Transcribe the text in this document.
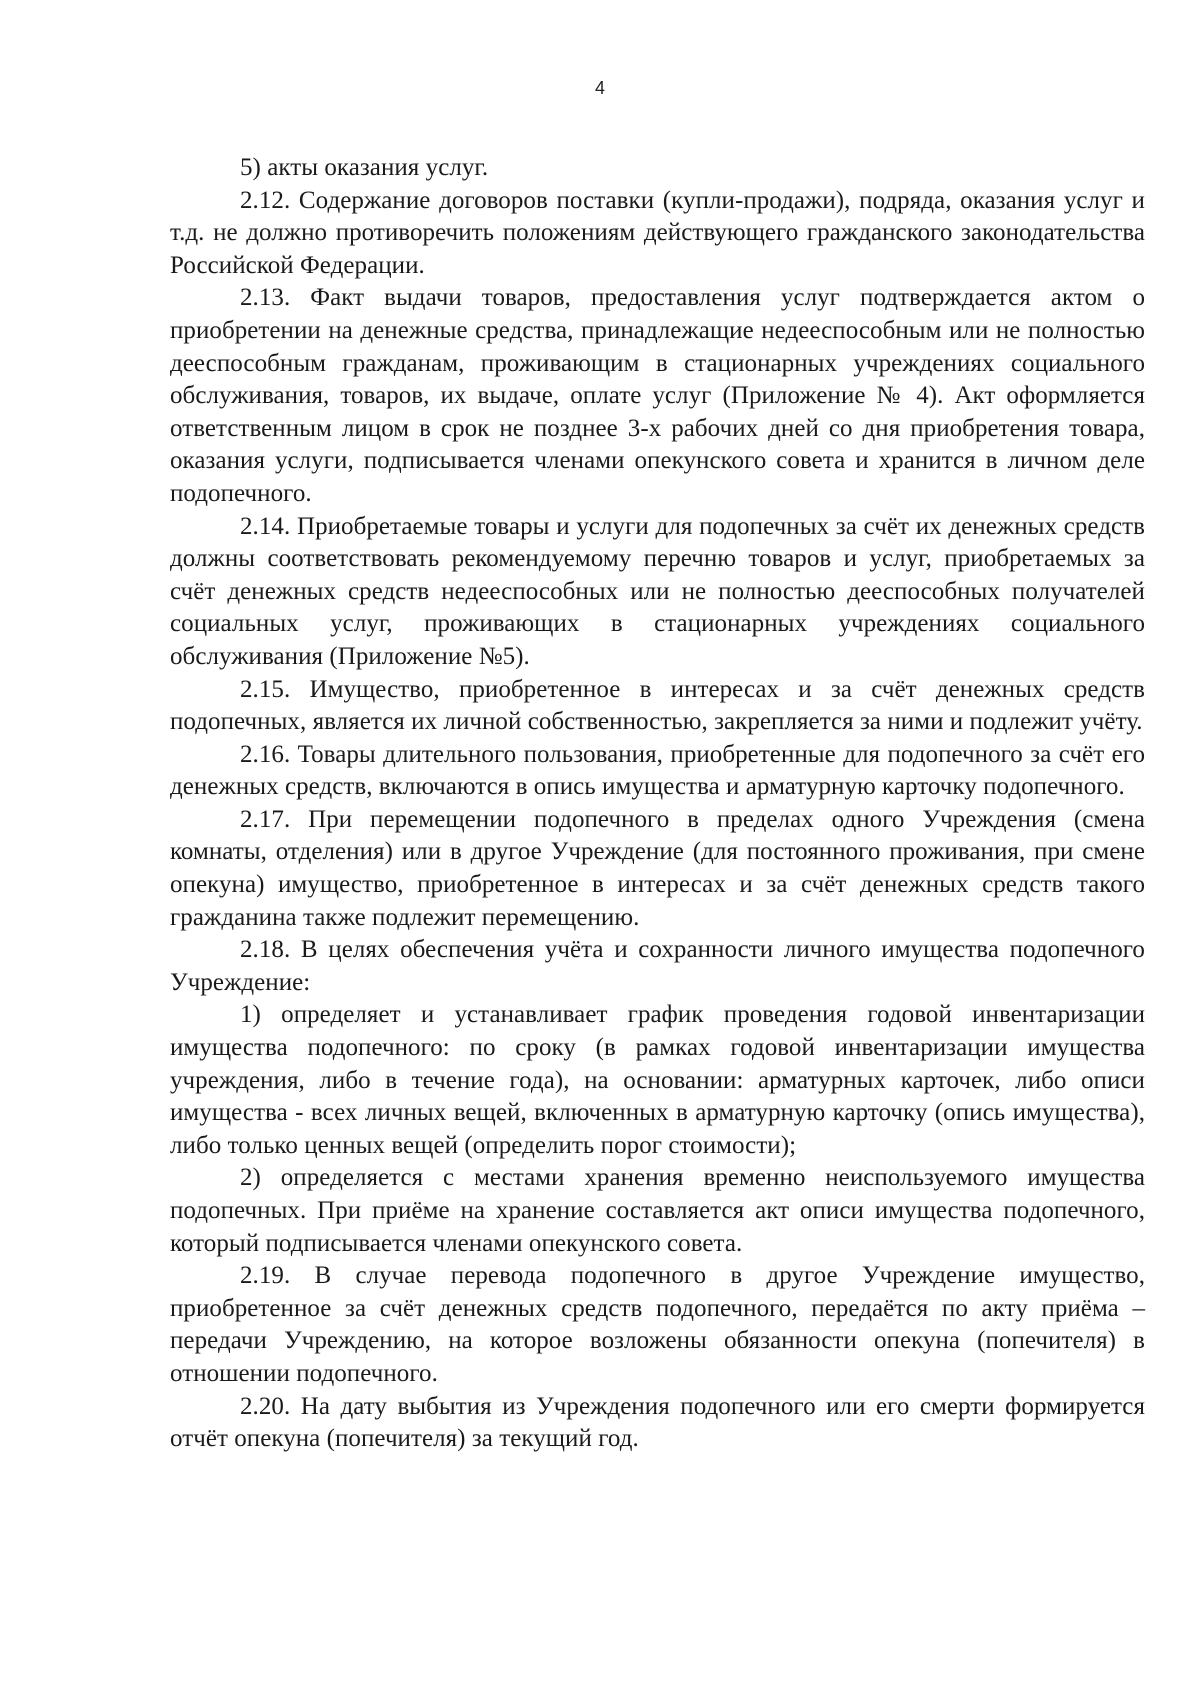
4

5) акты оказания услуг.

2.12. Содержание договоров поставки (купли-продажи), подряда, оказания услуг и т.д. не должно противоречить положениям действующего гражданского законодательства Российской Федерации.

2.13. Факт выдачи товаров, предоставления услуг подтверждается актом о приобретении на денежные средства, принадлежащие недееспособным или не полностью дееспособным гражданам, проживающим в стационарных учреждениях социального обслуживания, товаров, их выдаче, оплате услуг (Приложение № 4). Акт оформляется ответственным лицом в срок не позднее 3-х рабочих дней со дня приобретения товара, оказания услуги, подписывается членами опекунского совета и хранится в личном деле подопечного.

2.14. Приобретаемые товары и услуги для подопечных за счёт их денежных средств должны соответствовать рекомендуемому перечню товаров и услуг, приобретаемых за счёт денежных средств недееспособных или не полностью дееспособных получателей социальных услуг, проживающих в стационарных учреждениях социального обслуживания (Приложение №5).

2.15. Имущество, приобретенное в интересах и за счёт денежных средств подопечных, является их личной собственностью, закрепляется за ними и подлежит учёту.

2.16. Товары длительного пользования, приобретенные для подопечного за счёт его денежных средств, включаются в опись имущества и арматурную карточку подопечного.

2.17. При перемещении подопечного в пределах одного Учреждения (смена комнаты, отделения) или в другое Учреждение (для постоянного проживания, при смене опекуна) имущество, приобретенное в интересах и за счёт денежных средств такого гражданина также подлежит перемещению.

2.18. В целях обеспечения учёта и сохранности личного имущества подопечного Учреждение:

1) определяет и устанавливает график проведения годовой инвентаризации имущества подопечного: по сроку (в рамках годовой инвентаризации имущества учреждения, либо в течение года), на основании: арматурных карточек, либо описи имущества - всех личных вещей, включенных в арматурную карточку (опись имущества), либо только ценных вещей (определить порог стоимости);

2) определяется с местами хранения временно неиспользуемого имущества подопечных. При приёме на хранение составляется акт описи имущества подопечного, который подписывается членами опекунского совета.

2.19. В случае перевода подопечного в другое Учреждение имущество, приобретенное за счёт денежных средств подопечного, передаётся по акту приёма – передачи Учреждению, на которое возложены обязанности опекуна (попечителя) в отношении подопечного.

2.20. На дату выбытия из Учреждения подопечного или его смерти формируется отчёт опекуна (попечителя) за текущий год.
